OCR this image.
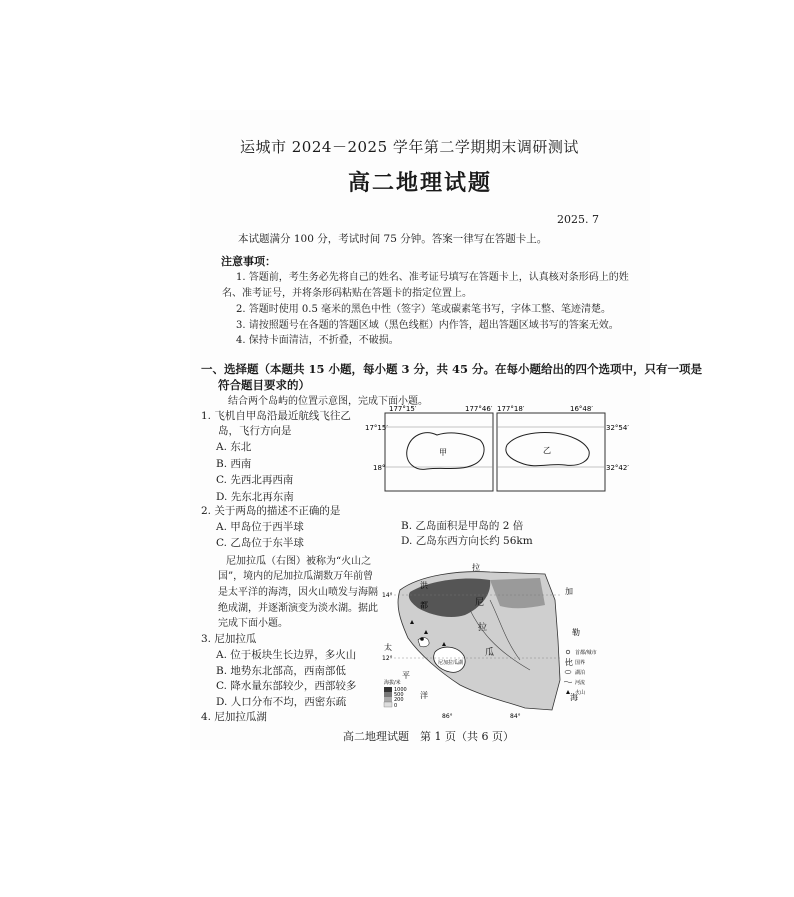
运城市 2024－2025 学年第二学期期末调研测试
高二地理试题
2025. 7
本试题满分 100 分，考试时间 75 分钟。答案一律写在答题卡上。
注意事项：
1. 答题前，考生务必先将自己的姓名、准考证号填写在答题卡上，认真核对条形码上的姓
名、准考证号，并将条形码粘贴在答题卡的指定位置上。
2. 答题时使用 0.5 毫米的黑色中性（签字）笔或碳素笔书写，字体工整、笔迹清楚。
3. 请按照题号在各题的答题区域（黑色线框）内作答，超出答题区域书写的答案无效。
4. 保持卡面清洁，不折叠，不破损。
一、选择题（本题共 15 小题，每小题 3 分，共 45 分。在每小题给出的四个选项中，只有一项是
符合题目要求的）
结合两个岛屿的位置示意图，完成下面小题。
1. 飞机自甲岛沿最近航线飞往乙
岛，飞行方向是
A. 东北
B. 西南
C. 先西北再西南
D. 先东北再东南
2. 关于两岛的描述不正确的是
A. 甲岛位于西半球	B. 乙岛面积是甲岛的 2 倍
C. 乙岛位于东半球	D. 乙岛东西方向长约 56km
尼加拉瓜（右图）被称为“火山之
国”，境内的尼加拉瓜湖数万年前曾
是太平洋的海湾，因火山喷发与海隔
绝成湖，并逐渐演变为淡水湖。据此
完成下面小题。
3. 尼加拉瓜
A. 位于板块生长边界，多火山
B. 地势东北部高，西南部低
C. 降水量东部较少，西部较多
D. 人口分布不均，西密东疏
4. 尼加拉瓜湖
高二地理试题　第 1 页（共 6 页）
甲	乙
177°15′	177°46′ 177°18′	16°48′
17°15′
18°
32°54′
32°42′
14°
12°
86°	84°
拉
洪
都
加
勒
比
海
尼
拉
瓜
太
平
洋
尼加拉瓜湖
首都/城市
国界
湖泊
河流
火山
海拔/米
1000
500
200
0
